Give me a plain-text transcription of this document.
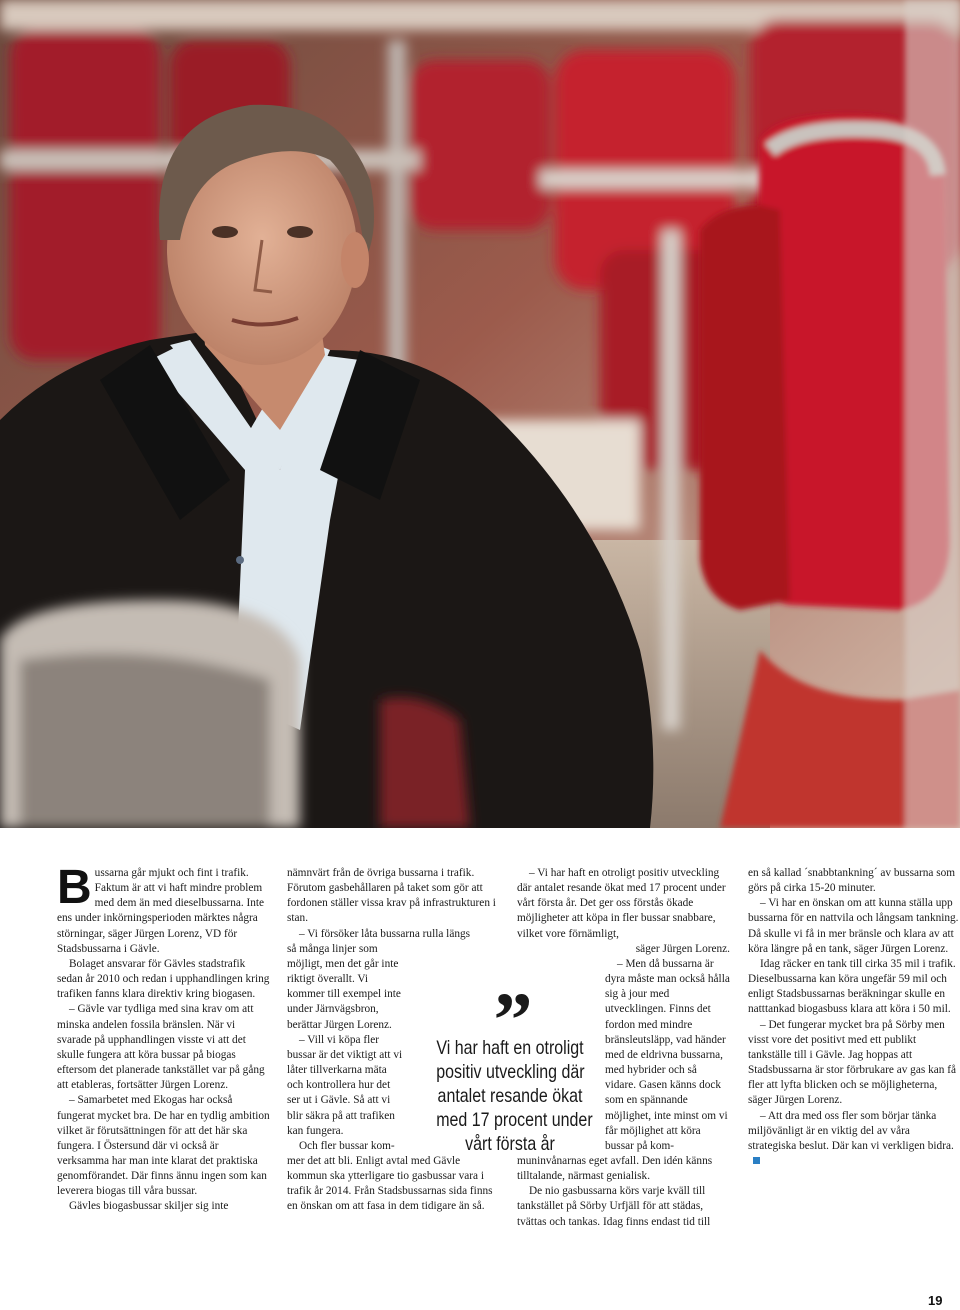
Bussarna går mjukt och fint i trafik. Faktum är att vi haft mindre problem med dem än med dieselbussarna. Inte ens under inkörningsperioden märktes några störningar, säger Jürgen Lorenz, VD för Stadsbussarna i Gävle.

Bolaget ansvarar för Gävles stadstrafik sedan år 2010 och redan i upphandlingen kring trafiken fanns klara direktiv kring biogasen.

– Gävle var tydliga med sina krav om att minska andelen fossila bränslen. När vi svarade på upphandlingen visste vi att det skulle fungera att köra bussar på biogas eftersom det planerade tankstället var på gång att etableras, fortsätter Jürgen Lorenz.

– Samarbetet med Ekogas har också fungerat mycket bra. De har en tydlig ambition vilket är förutsättningen för att det här ska fungera. I Östersund där vi också är verksamma har man inte klarat det praktiska genomförandet. Där finns ännu ingen som kan leverera biogas till våra bussar.

Gävles biogasbussar skiljer sig inte

nämnvärt från de övriga bussarna i trafik. Förutom gasbehållaren på taket som gör att fordonen ställer vissa krav på infrastrukturen i stan.

– Vi försöker låta bussarna rulla längs

så många linjer som möjligt, men det går inte riktigt överallt. Vi kommer till exempel inte under Järnvägsbron, berättar Jürgen Lorenz.

– Vill vi köpa fler bussar är det viktigt att vi låter tillverkarna mäta och kontrollera hur det ser ut i Gävle. Så att vi blir säkra på att trafiken kan fungera.

Och fler bussar kom-

mer det att bli. Enligt avtal med Gävle kommun ska ytterligare tio gasbussar vara i trafik år 2014. Från Stadsbussarnas sida finns en önskan om att fasa in dem tidigare än så.

– Vi har haft en otroligt positiv utveckling där antalet resande ökat med 17 procent under vårt första år. Det ger oss förstås ökade möjligheter att köpa in fler bussar snabbare, vilket vore förnämligt,

säger Jürgen Lorenz.

– Men då bussarna är dyra måste man också hålla sig à jour med utvecklingen. Finns det fordon med mindre bränsleutsläpp, vad händer med de eldrivna bussarna, med hybrider och så vidare. Gasen känns dock som en spännande möjlighet, inte minst om vi får möjlighet att köra bussar på kom-

muninvånarnas eget avfall. Den idén känns tilltalande, närmast genialisk.

De nio gasbussarna körs varje kväll till tankstället på Sörby Urfjäll för att städas, tvättas och tankas. Idag finns endast tid till

en så kallad ´snabbtankning´ av bussarna som görs på cirka 15-20 minuter.

– Vi har en önskan om att kunna ställa upp bussarna för en nattvila och långsam tankning. Då skulle vi få in mer bränsle och klara av att köra längre på en tank, säger Jürgen Lorenz.

Idag räcker en tank till cirka 35 mil i trafik. Dieselbussarna kan köra ungefär 59 mil och enligt Stadsbussarnas beräkningar skulle en natttankad biogasbuss klara att köra i 50 mil.

– Det fungerar mycket bra på Sörby men visst vore det positivt med ett publikt tankställe till i Gävle. Jag hoppas att Stadsbussarna är stor förbrukare av gas kan få fler att lyfta blicken och se möjligheterna, säger Jürgen Lorenz.

– Att dra med oss fler som börjar tänka miljövänligt är en viktig del av våra strategiska beslut. Där kan vi verkligen bidra.

”
Vi har haft en otroligt
positiv utveckling där
antalet resande ökat
med 17 procent under
vårt första år
19
